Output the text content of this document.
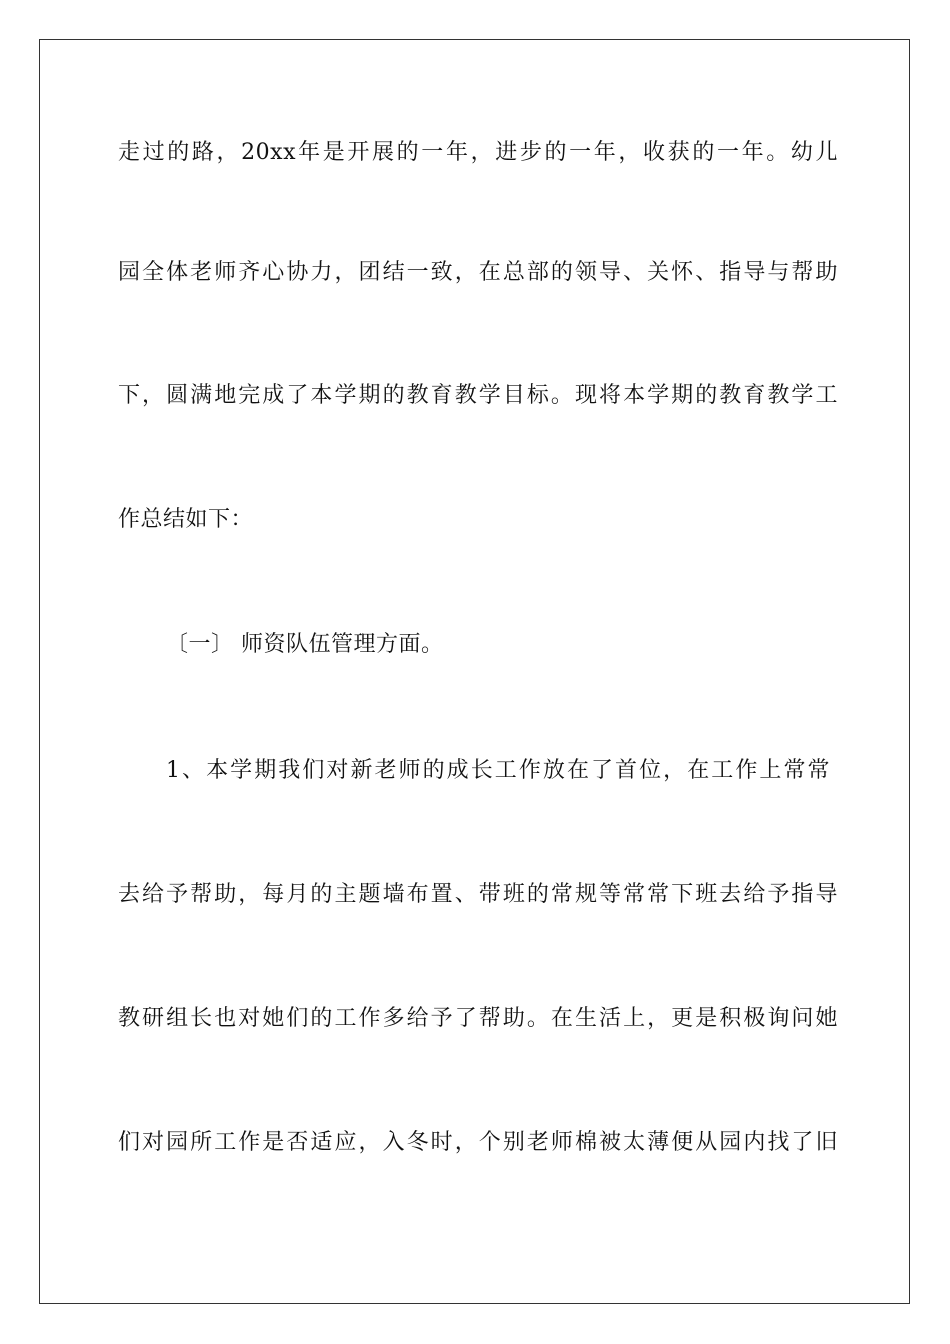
走过的路，20xx年是开展的一年，进步的一年，收获的一年。幼儿
园全体老师齐心协力，团结一致，在总部的领导、关怀、指导与帮助
下，圆满地完成了本学期的教育教学目标。现将本学期的教育教学工
作总结如下：
〔一〕 师资队伍管理方面。
1、本学期我们对新老师的成长工作放在了首位，在工作上常常
去给予帮助，每月的主题墙布置、带班的常规等常常下班去给予指导
教研组长也对她们的工作多给予了帮助。在生活上，更是积极询问她
们对园所工作是否适应，入冬时，个别老师棉被太薄便从园内找了旧
